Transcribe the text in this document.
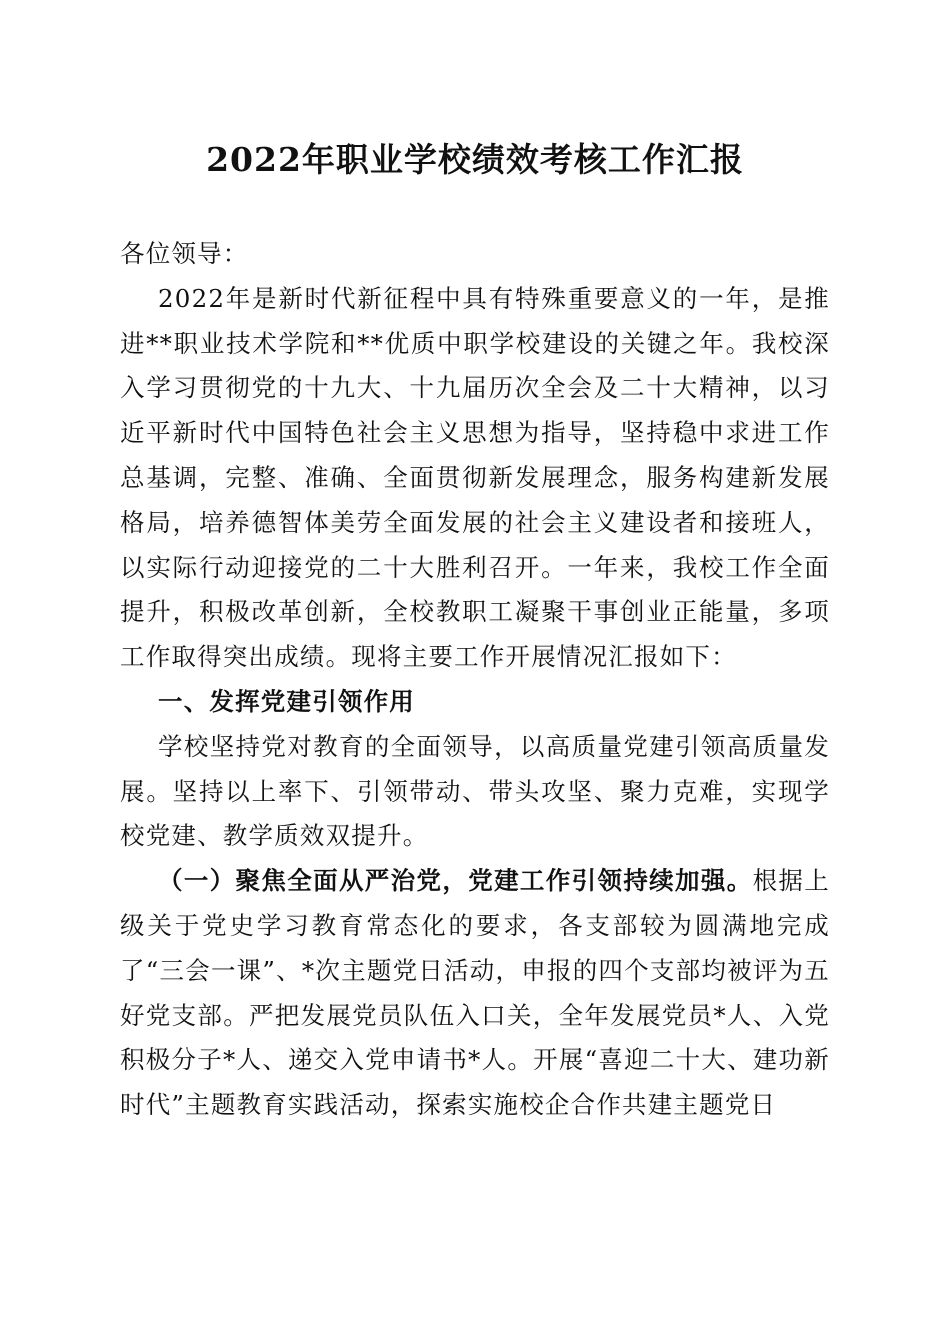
2022年职业学校绩效考核工作汇报

各位领导：

2022年是新时代新征程中具有特殊重要意义的一年，是推进**职业技术学院和**优质中职学校建设的关键之年。我校深入学习贯彻党的十九大、十九届历次全会及二十大精神，以习近平新时代中国特色社会主义思想为指导，坚持稳中求进工作总基调，完整、准确、全面贯彻新发展理念，服务构建新发展格局，培养德智体美劳全面发展的社会主义建设者和接班人，以实际行动迎接党的二十大胜利召开。一年来，我校工作全面提升，积极改革创新，全校教职工凝聚干事创业正能量，多项工作取得突出成绩。现将主要工作开展情况汇报如下：

一、发挥党建引领作用

学校坚持党对教育的全面领导，以高质量党建引领高质量发展。坚持以上率下、引领带动、带头攻坚、聚力克难，实现学校党建、教学质效双提升。

（一）聚焦全面从严治党，党建工作引领持续加强。根据上级关于党史学习教育常态化的要求，各支部较为圆满地完成了“三会一课”、*次主题党日活动，申报的四个支部均被评为五好党支部。严把发展党员队伍入口关，全年发展党员*人、入党积极分子*人、递交入党申请书*人。开展“喜迎二十大、建功新时代”主题教育实践活动，探索实施校企合作共建主题党日
